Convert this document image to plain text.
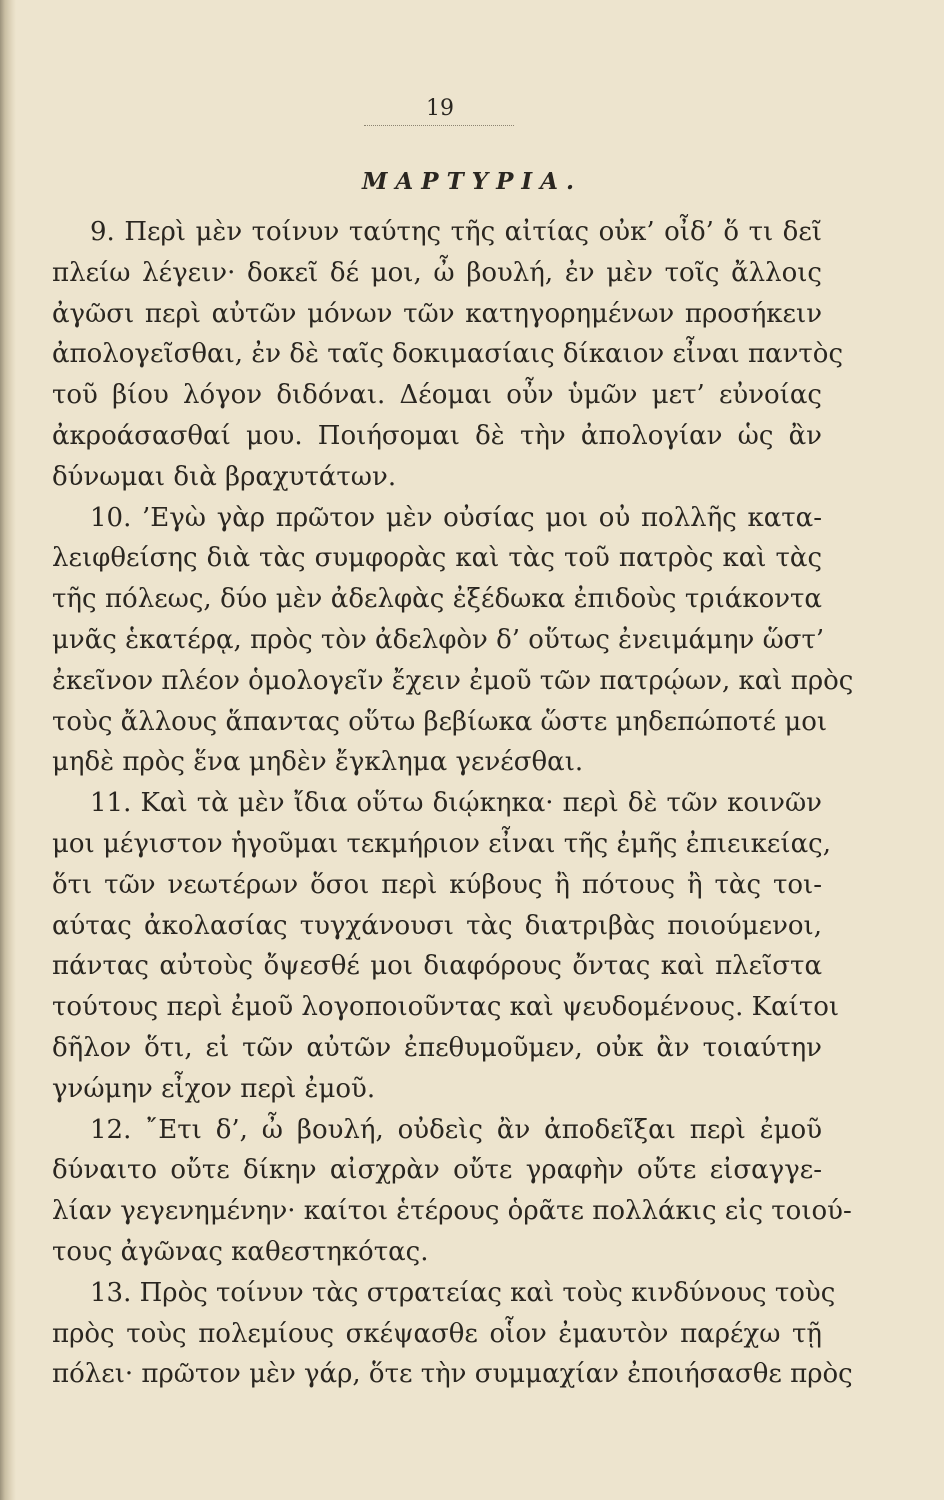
19
ΜΑΡΤΥΡΙΑ.
9. Περὶ μὲν τοίνυν ταύτης τῆς αἰτίας οὐκ’ οἶδ’ ὅ τι δεῖ
πλείω λέγειν· δοκεῖ δέ μοι, ὦ βουλή, ἐν μὲν τοῖς ἄλλοις
ἀγῶσι περὶ αὐτῶν μόνων τῶν κατηγορημένων προσήκειν
ἀπολογεῖσθαι, ἐν δὲ ταῖς δοκιμασίαις δίκαιον εἶναι παντὸς
τοῦ βίου λόγον διδόναι. Δέομαι οὖν ὑμῶν μετ’ εὐνοίας
ἀκροάσασθαί μου. Ποιήσομαι δὲ τὴν ἀπολογίαν ὡς ἂν
δύνωμαι διὰ βραχυτάτων.
10. ’Εγὼ γὰρ πρῶτον μὲν οὐσίας μοι οὐ πολλῆς κατα-
λειφθείσης διὰ τὰς συμφορὰς καὶ τὰς τοῦ πατρὸς καὶ τὰς
τῆς πόλεως, δύο μὲν ἀδελφὰς ἐξέδωκα ἐπιδοὺς τριάκοντα
μνᾶς ἑκατέρᾳ, πρὸς τὸν ἀδελφὸν δ’ οὕτως ἐνειμάμην ὥστ’
ἐκεῖνον πλέον ὁμολογεῖν ἔχειν ἐμοῦ τῶν πατρῴων, καὶ πρὸς
τοὺς ἄλλους ἅπαντας οὕτω βεβίωκα ὥστε μηδεπώποτέ μοι
μηδὲ πρὸς ἕνα μηδὲν ἔγκλημα γενέσθαι.
11. Καὶ τὰ μὲν ἴδια οὕτω διῴκηκα· περὶ δὲ τῶν κοινῶν
μοι μέγιστον ἡγοῦμαι τεκμήριον εἶναι τῆς ἐμῆς ἐπιεικείας,
ὅτι τῶν νεωτέρων ὅσοι περὶ κύβους ἢ πότους ἢ τὰς τοι-
αύτας ἀκολασίας τυγχάνουσι τὰς διατριβὰς ποιούμενοι,
πάντας αὐτοὺς ὄψεσθέ μοι διαφόρους ὄντας καὶ πλεῖστα
τούτους περὶ ἐμοῦ λογοποιοῦντας καὶ ψευδομένους. Καίτοι
δῆλον ὅτι, εἰ τῶν αὐτῶν ἐπεθυμοῦμεν, οὐκ ἂν τοιαύτην
γνώμην εἶχον περὶ ἐμοῦ.
12. ῎Ετι δ’, ὦ βουλή, οὐδεὶς ἂν ἀποδεῖξαι περὶ ἐμοῦ
δύναιτο οὔτε δίκην αἰσχρὰν οὔτε γραφὴν οὔτε εἰσαγγε-
λίαν γεγενημένην· καίτοι ἑτέρους ὁρᾶτε πολλάκις εἰς τοιού-
τους ἀγῶνας καθεστηκότας.
13. Πρὸς τοίνυν τὰς στρατείας καὶ τοὺς κινδύνους τοὺς
πρὸς τοὺς πολεμίους σκέψασθε οἷον ἐμαυτὸν παρέχω τῇ
πόλει· πρῶτον μὲν γάρ, ὅτε τὴν συμμαχίαν ἐποιήσασθε πρὸς
